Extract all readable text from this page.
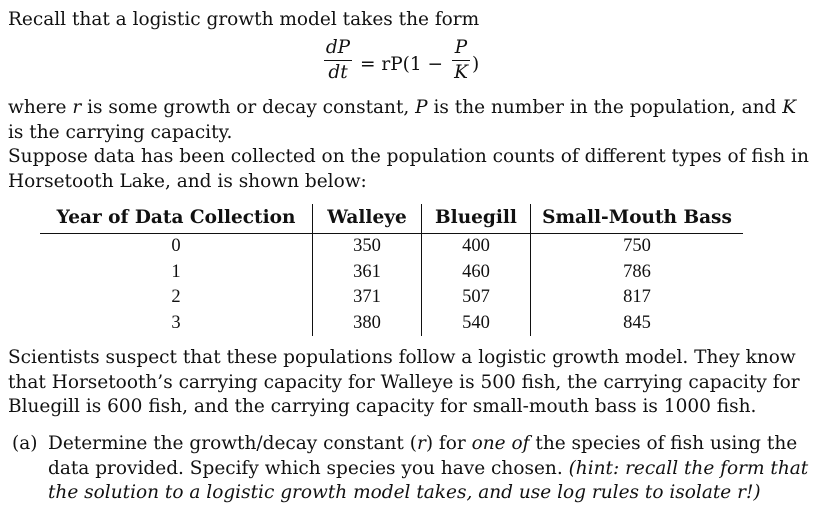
Recall that a logistic growth model takes the form
dP
dt = rP(1 −
P
K )
where r is some growth or decay constant, P is the number in the population, and K
is the carrying capacity.
Suppose data has been collected on the population counts of different types of fish in
Horsetooth Lake, and is shown below:
Year of Data Collection	Walleye	Bluegill	Small-Mouth Bass
0	350	400	750
1	361	460	786
2	371	507	817
3	380	540	845
Scientists suspect that these populations follow a logistic growth model. They know
that Horsetooth’s carrying capacity for Walleye is 500 fish, the carrying capacity for
Bluegill is 600 fish, and the carrying capacity for small-mouth bass is 1000 fish.
(a) Determine the growth/decay constant (r) for one of the species of fish using the
data provided. Specify which species you have chosen. (hint: recall the form that
the solution to a logistic growth model takes, and use log rules to isolate r!)
